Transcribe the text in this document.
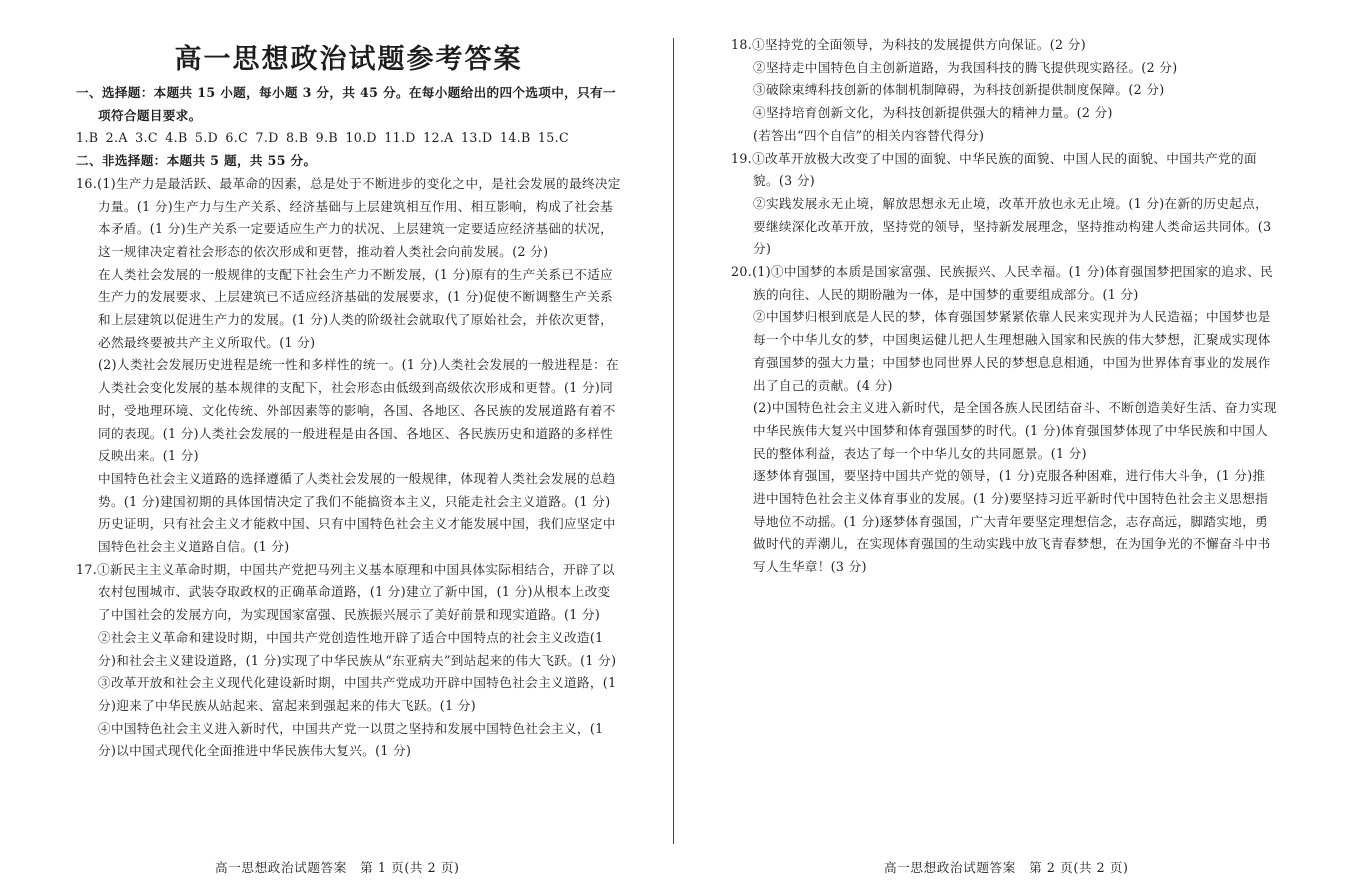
高一思想政治试题参考答案

一、选择题：本题共 15 小题，每小题 3 分，共 45 分。在每小题给出的四个选项中，只有一项符合题目要求。

1.B 2.A 3.C 4.B 5.D 6.C 7.D 8.B 9.B 10.D 11.D 12.A 13.D 14.B 15.C

二、非选择题：本题共 5 题，共 55 分。

16.(1)生产力是最活跃、最革命的因素，总是处于不断进步的变化之中，是社会发展的最终决定力量。(1 分)生产力与生产关系、经济基础与上层建筑相互作用、相互影响，构成了社会基本矛盾。(1 分)生产关系一定要适应生产力的状况、上层建筑一定要适应经济基础的状况，这一规律决定着社会形态的依次形成和更替，推动着人类社会向前发展。(2 分)

在人类社会发展的一般规律的支配下社会生产力不断发展，(1 分)原有的生产关系已不适应生产力的发展要求、上层建筑已不适应经济基础的发展要求，(1 分)促使不断调整生产关系和上层建筑以促进生产力的发展。(1 分)人类的阶级社会就取代了原始社会，并依次更替，必然最终要被共产主义所取代。(1 分)

(2)人类社会发展历史进程是统一性和多样性的统一。(1 分)人类社会发展的一般进程是：在人类社会变化发展的基本规律的支配下，社会形态由低级到高级依次形成和更替。(1 分)同时，受地理环境、文化传统、外部因素等的影响，各国、各地区、各民族的发展道路有着不同的表现。(1 分)人类社会发展的一般进程是由各国、各地区、各民族历史和道路的多样性反映出来。(1 分)

中国特色社会主义道路的选择遵循了人类社会发展的一般规律，体现着人类社会发展的总趋势。(1 分)建国初期的具体国情决定了我们不能搞资本主义，只能走社会主义道路。(1 分)历史证明，只有社会主义才能救中国、只有中国特色社会主义才能发展中国，我们应坚定中国特色社会主义道路自信。(1 分)

17.①新民主主义革命时期，中国共产党把马列主义基本原理和中国具体实际相结合，开辟了以农村包围城市、武装夺取政权的正确革命道路，(1 分)建立了新中国，(1 分)从根本上改变了中国社会的发展方向，为实现国家富强、民族振兴展示了美好前景和现实道路。(1 分)

②社会主义革命和建设时期，中国共产党创造性地开辟了适合中国特点的社会主义改造(1 分)和社会主义建设道路，(1 分)实现了中华民族从“东亚病夫”到站起来的伟大飞跃。(1 分)

③改革开放和社会主义现代化建设新时期，中国共产党成功开辟中国特色社会主义道路，(1 分)迎来了中华民族从站起来、富起来到强起来的伟大飞跃。(1 分)

④中国特色社会主义进入新时代，中国共产党一以贯之坚持和发展中国特色社会主义，(1 分)以中国式现代化全面推进中华民族伟大复兴。(1 分)

18.①坚持党的全面领导，为科技的发展提供方向保证。(2 分)

②坚持走中国特色自主创新道路，为我国科技的腾飞提供现实路径。(2 分)

③破除束缚科技创新的体制机制障碍，为科技创新提供制度保障。(2 分)

④坚持培育创新文化，为科技创新提供强大的精神力量。(2 分)

(若答出“四个自信”的相关内容替代得分)

19.①改革开放极大改变了中国的面貌、中华民族的面貌、中国人民的面貌、中国共产党的面貌。(3 分)

②实践发展永无止境，解放思想永无止境，改革开放也永无止境。(1 分)在新的历史起点，要继续深化改革开放，坚持党的领导，坚持新发展理念，坚持推动构建人类命运共同体。(3 分)

20.(1)①中国梦的本质是国家富强、民族振兴、人民幸福。(1 分)体育强国梦把国家的追求、民族的向往、人民的期盼融为一体，是中国梦的重要组成部分。(1 分)

②中国梦归根到底是人民的梦，体育强国梦紧紧依靠人民来实现并为人民造福；中国梦也是每一个中华儿女的梦，中国奥运健儿把人生理想融入国家和民族的伟大梦想，汇聚成实现体育强国梦的强大力量；中国梦也同世界人民的梦想息息相通，中国为世界体育事业的发展作出了自己的贡献。(4 分)

(2)中国特色社会主义进入新时代，是全国各族人民团结奋斗、不断创造美好生活、奋力实现中华民族伟大复兴中国梦和体育强国梦的时代。(1 分)体育强国梦体现了中华民族和中国人民的整体利益，表达了每一个中华儿女的共同愿景。(1 分)

逐梦体育强国，要坚持中国共产党的领导，(1 分)克服各种困难，进行伟大斗争，(1 分)推进中国特色社会主义体育事业的发展。(1 分)要坚持习近平新时代中国特色社会主义思想指导地位不动摇。(1 分)逐梦体育强国，广大青年要坚定理想信念，志存高远，脚踏实地，勇做时代的弄潮儿，在实现体育强国的生动实践中放飞青春梦想，在为国争光的不懈奋斗中书写人生华章！(3 分)

高一思想政治试题答案　第 1 页(共 2 页)	高一思想政治试题答案　第 2 页(共 2 页)
